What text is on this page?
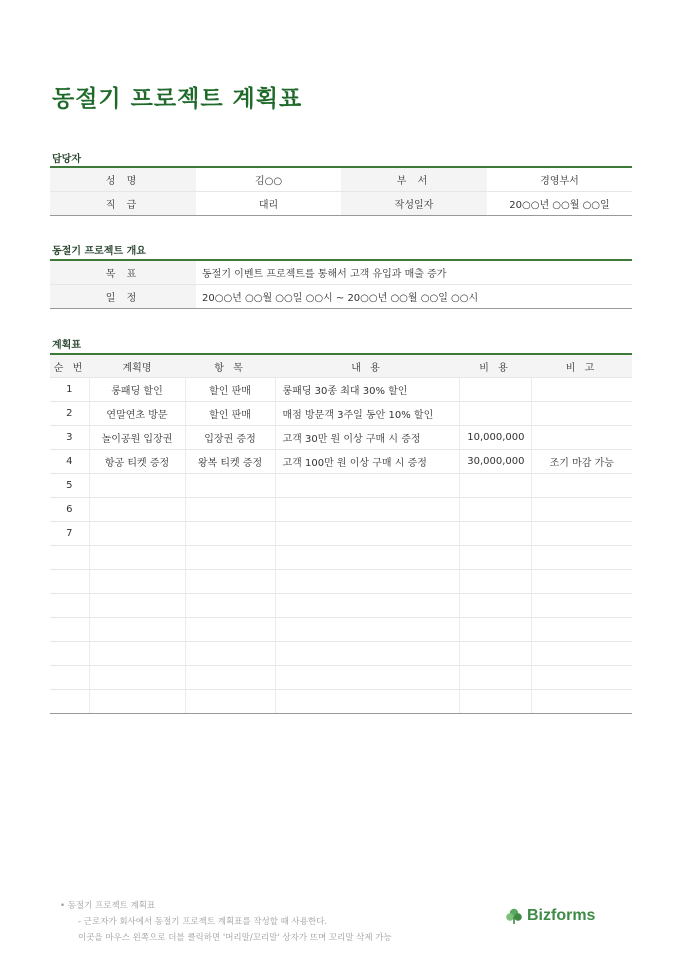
동절기 프로젝트 계획표

담당자

성 명	김○○	부 서	경영부서
직 급	대리	작성일자	20○○년 ○○월 ○○일

동절기 프로젝트 개요

목 표	동절기 이벤트 프로젝트를 통해서 고객 유입과 매출 증가
일 정	20○○년 ○○월 ○○일 ○○시 ~ 20○○년 ○○월 ○○일 ○○시

계획표

순 번	계획명	항 목	내 용	비 용	비 고
1	롱패딩 할인	할인 판매	롱패딩 30종 최대 30% 할인		
2	연말연초 방문	할인 판매	매점 방문객 3주일 동안 10% 할인		
3	놀이공원 입장권	입장권 증정	고객 30만 원 이상 구매 시 증정	10,000,000	
4	항공 티켓 증정	왕복 티켓 증정	고객 100만 원 이상 구매 시 증정	30,000,000	조기 마감 가능
5					
6					
7					

• 동절기 프로젝트 계획표
- 근로자가 회사에서 동절기 프로젝트 계획표를 작성할 때 사용한다.
이곳을 마우스 왼쪽으로 더블 클릭하면 '머리말/꼬리말' 상자가 뜨며 꼬리말 삭제 가능
Bizforms
